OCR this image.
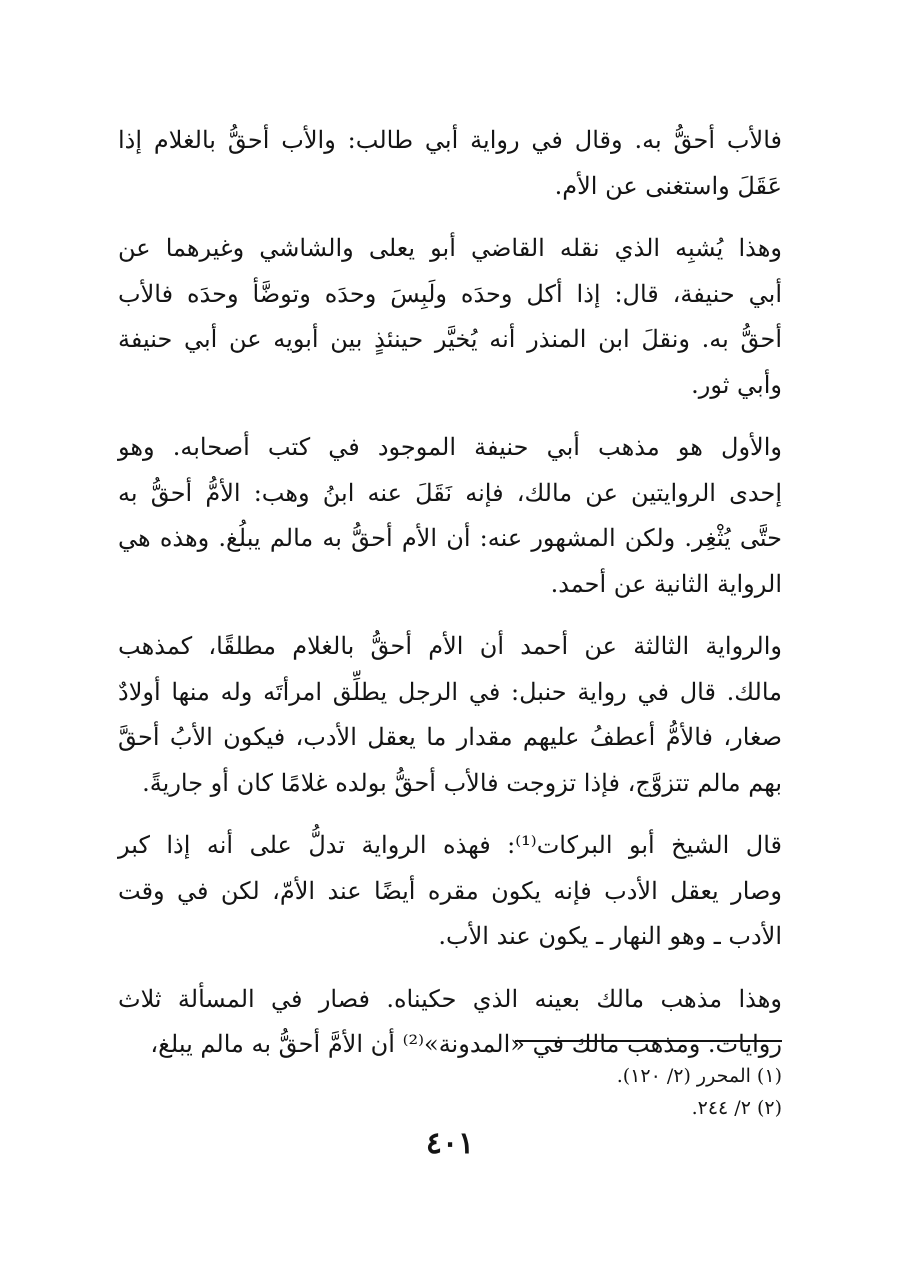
فالأب أحقُّ به. وقال في رواية أبي طالب: والأب أحقُّ بالغلام إذا
عَقَلَ واستغنى عن الأم.

وهذا يُشبِه الذي نقله القاضي أبو يعلى والشاشي وغيرهما عن
أبي حنيفة، قال: إذا أكل وحدَه ولَبِسَ وحدَه وتوضَّأ وحدَه فالأب
أحقُّ به. ونقلَ ابن المنذر أنه يُخيَّر حينئذٍ بين أبويه عن أبي حنيفة
وأبي ثور.

والأول هو مذهب أبي حنيفة الموجود في كتب أصحابه. وهو
إحدى الروايتين عن مالك، فإنه نَقَلَ عنه ابنُ وهب: الأمُّ أحقُّ به
حتَّى يُثْغِر. ولكن المشهور عنه: أن الأم أحقُّ به مالم يبلُغ. وهذه هي
الرواية الثانية عن أحمد.

والرواية الثالثة عن أحمد أن الأم أحقُّ بالغلام مطلقًا، كمذهب
مالك. قال في رواية حنبل: في الرجل يطلِّق امرأتَه وله منها أولادٌ
صغار، فالأمُّ أعطفُ عليهم مقدار ما يعقل الأدب، فيكون الأبُ أحقَّ
بهم مالم تتزوَّج، فإذا تزوجت فالأب أحقُّ بولده غلامًا كان أو جاريةً.

قال الشيخ أبو البركات⁽¹⁾: فهذه الرواية تدلُّ على أنه إذا كبر
وصار يعقل الأدب فإنه يكون مقره أيضًا عند الأمّ، لكن في وقت
الأدب ـ وهو النهار ـ يكون عند الأب.

وهذا مذهب مالك بعينه الذي حكيناه. فصار في المسألة ثلاث
روايات. ومذهب مالك في «المدونة»⁽²⁾ أن الأمَّ أحقُّ به مالم يبلغ،

(١) المحرر (٢/ ١٢٠).
(٢) ٢/ ٢٤٤.
٤٠١
